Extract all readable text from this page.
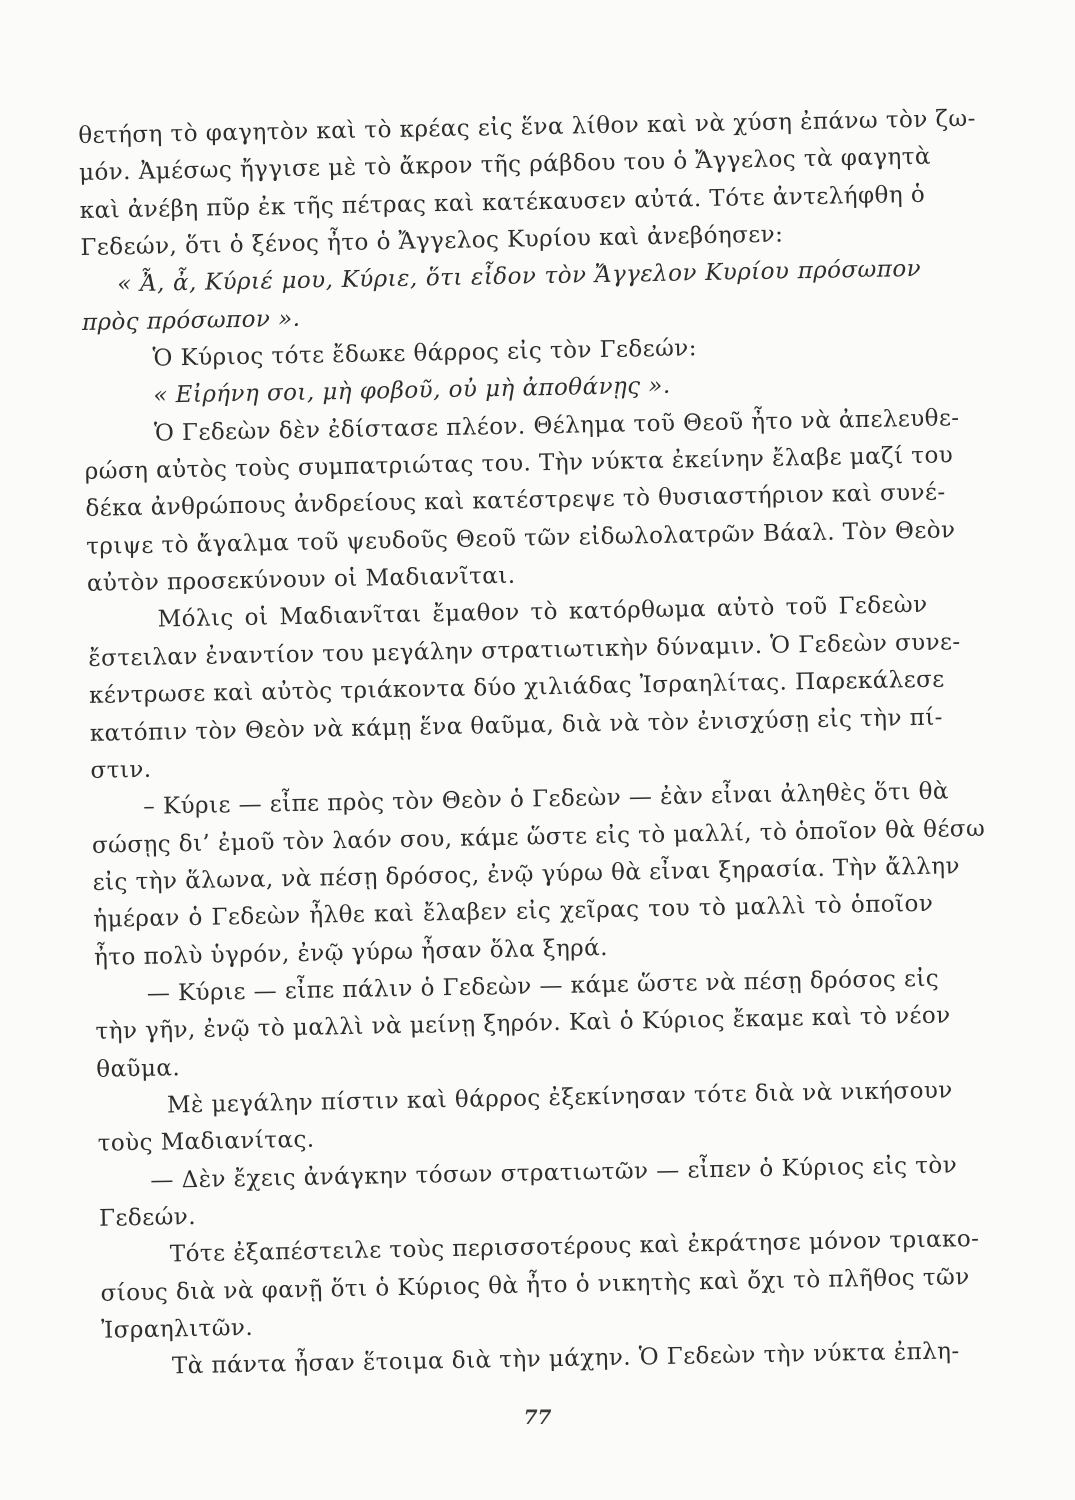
θετήση τὸ φαγητὸν καὶ τὸ κρέας εἰς ἕνα λίθον καὶ νὰ χύση ἐπάνω τὸν ζω-
μόν. Ἀμέσως ἤγγισε μὲ τὸ ἄκρον τῆς ράβδου του ὁ Ἄγγελος τὰ φαγητὰ
καὶ ἀνέβη πῦρ ἐκ τῆς πέτρας καὶ κατέκαυσεν αὐτά. Τότε ἀντελήφθη ὁ
Γεδεών, ὅτι ὁ ξένος ἦτο ὁ Ἄγγελος Κυρίου καὶ ἀνεβόησεν:
« Ἆ, ἆ, Κύριέ μου, Κύριε, ὅτι εἶδον τὸν Ἄγγελον Κυρίου πρόσωπον
πρὸς πρόσωπον ».
Ὁ Κύριος τότε ἔδωκε θάρρος εἰς τὸν Γεδεών:
« Εἰρήνη σοι, μὴ φοβοῦ, οὐ μὴ ἀποθάνῃς ».
Ὁ Γεδεὼν δὲν ἐδίστασε πλέον. Θέλημα τοῦ Θεοῦ ἦτο νὰ ἀπελευθε-
ρώση αὐτὸς τοὺς συμπατριώτας του. Τὴν νύκτα ἐκείνην ἔλαβε μαζί του
δέκα ἀνθρώπους ἀνδρείους καὶ κατέστρεψε τὸ θυσιαστήριον καὶ συνέ-
τριψε τὸ ἄγαλμα τοῦ ψευδοῦς Θεοῦ τῶν εἰδωλολατρῶν Βάαλ. Τὸν Θεὸν
αὐτὸν προσεκύνουν οἱ Μαδιανῖται.
Μόλις οἱ Μαδιανῖται ἔμαθον τὸ κατόρθωμα αὐτὸ τοῦ Γεδεὼν
ἔστειλαν ἐναντίον του μεγάλην στρατιωτικὴν δύναμιν. Ὁ Γεδεὼν συνε-
κέντρωσε καὶ αὐτὸς τριάκοντα δύο χιλιάδας Ἰσραηλίτας. Παρεκάλεσε
κατόπιν τὸν Θεὸν νὰ κάμῃ ἕνα θαῦμα, διὰ νὰ τὸν ἐνισχύσῃ εἰς τὴν πί-
στιν.
– Κύριε — εἶπε πρὸς τὸν Θεὸν ὁ Γεδεὼν — ἐὰν εἶναι ἀληθὲς ὅτι θὰ
σώσῃς δι’ ἐμοῦ τὸν λαόν σου, κάμε ὥστε εἰς τὸ μαλλί, τὸ ὁποῖον θὰ θέσω
εἰς τὴν ἅλωνα, νὰ πέσῃ δρόσος, ἐνῷ γύρω θὰ εἶναι ξηρασία. Τὴν ἄλλην
ἡμέραν ὁ Γεδεὼν ἦλθε καὶ ἔλαβεν εἰς χεῖρας του τὸ μαλλὶ τὸ ὁποῖον
ἦτο πολὺ ὑγρόν, ἐνῷ γύρω ἦσαν ὅλα ξηρά.
— Κύριε — εἶπε πάλιν ὁ Γεδεὼν — κάμε ὥστε νὰ πέσῃ δρόσος εἰς
τὴν γῆν, ἐνῷ τὸ μαλλὶ νὰ μείνῃ ξηρόν. Καὶ ὁ Κύριος ἔκαμε καὶ τὸ νέον
θαῦμα.
Μὲ μεγάλην πίστιν καὶ θάρρος ἐξεκίνησαν τότε διὰ νὰ νικήσουν
τοὺς Μαδιανίτας.
— Δὲν ἔχεις ἀνάγκην τόσων στρατιωτῶν — εἶπεν ὁ Κύριος εἰς τὸν
Γεδεών.
Τότε ἐξαπέστειλε τοὺς περισσοτέρους καὶ ἐκράτησε μόνον τριακο-
σίους διὰ νὰ φανῇ ὅτι ὁ Κύριος θὰ ἦτο ὁ νικητὴς καὶ ὄχι τὸ πλῆθος τῶν
Ἰσραηλιτῶν.
Τὰ πάντα ἦσαν ἕτοιμα διὰ τὴν μάχην. Ὁ Γεδεὼν τὴν νύκτα ἐπλη-
77
